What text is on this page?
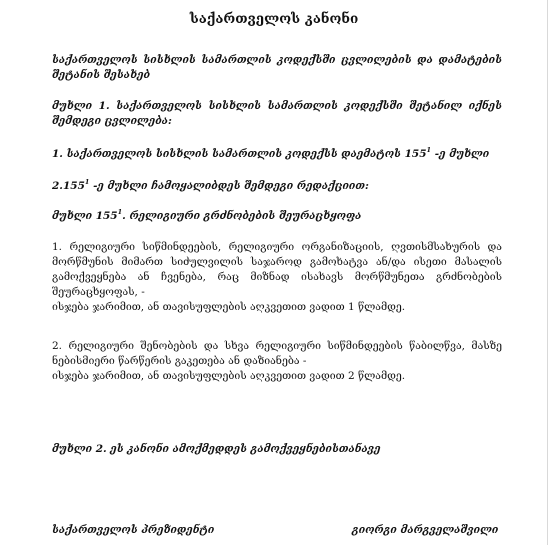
საქართველოს კანონი

საქართველოს სისხლის სამართლის კოდექსში ცვლილების და დამატების შეტანის შესახებ

მუხლი 1. საქართველოს სისხლის სამართლის კოდექსში შეტანილ იქნეს შემდეგი ცვლილება:

1. საქართველოს სისხლის სამართლის კოდექსს დაემატოს $155^1$ -ე მუხლი

2.155$^1$ -ე მუხლი ჩამოყალიბდეს შემდეგი რედაქციით:

მუხლი $155^1$. რელიგიური გრძნობების შეურაცხყოფა

1. რელიგიური სიწმინდეების, რელიგიური ორგანიზაციის, ღვთისმსახურის და მორწმუნის მიმართ სიძულვილის საჯაროდ გამოხატვა ან/და ისეთი მასალის გამოქვეყნება ან ჩვენება, რაც მიზნად ისახავს მორწმუნეთა გრძნობების შეურაცხყოფას, -
ისჯება ჯარიმით, ან თავისუფლების აღკვეთით ვადით 1 წლამდე.
2. რელიგიური შენობების და სხვა რელიგიური სიწმინდეების წაბილწვა, მასზე ნებისმიერი წარწერის გაკეთება ან დაზიანება -
ისჯება ჯარიმით, ან თავისუფლების აღკვეთით ვადით 2 წლამდე.

მუხლი 2. ეს კანონი ამოქმედდეს გამოქვეყნებისთანავე

საქართველოს პრეზიდენტი	გიორგი მარგველაშვილი
